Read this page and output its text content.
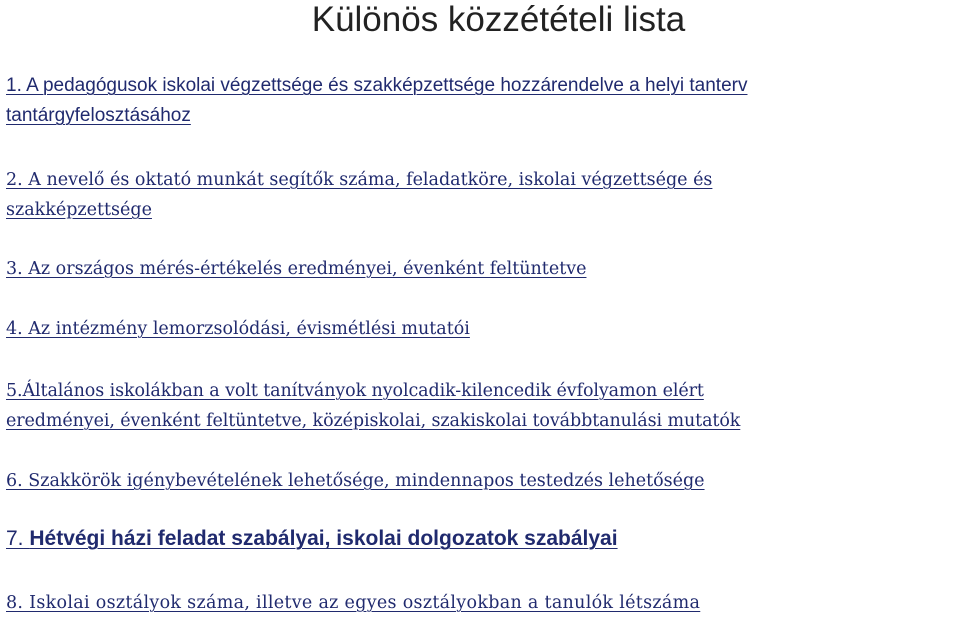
Különös közzétételi lista
1. A pedagógusok iskolai végzettsége és szakképzettsége hozzárendelve a helyi tanterv
tantárgyfelosztásához
2. A nevelő és oktató munkát segítők száma, feladatköre, iskolai végzettsége és
szakképzettsége
3. Az országos mérés-értékelés eredményei, évenként feltüntetve
4. Az intézmény lemorzsolódási, évismétlési mutatói
5.Általános iskolákban a volt tanítványok nyolcadik-kilencedik évfolyamon elért
eredményei, évenként feltüntetve, középiskolai, szakiskolai továbbtanulási mutatók
6. Szakkörök igénybevételének lehetősége, mindennapos testedzés lehetősége
7. Hétvégi házi feladat szabályai, iskolai dolgozatok szabályai
8. Iskolai osztályok száma, illetve az egyes osztályokban a tanulók létszáma
